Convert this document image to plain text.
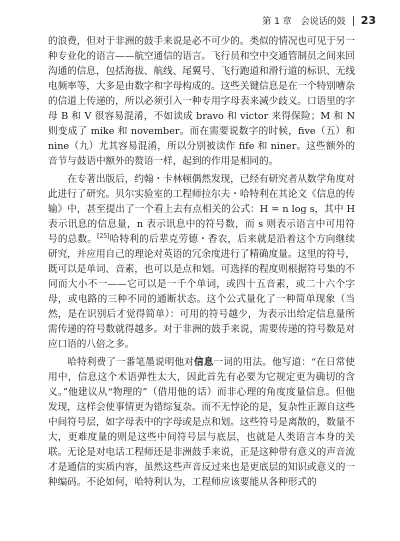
第 1 章　会说话的鼓 23

的浪费，但对于非洲的鼓手来说是必不可少的。类似的情况也可见于另一种专业化的语言——航空通信的语言。飞行员和空中交通管制员之间来回沟通的信息，包括海拔、航线、尾翼号、飞行跑道和滑行道的标识、无线电频率等，大多是由数字和字母构成的。这些关键信息是在一个特别嘈杂的信道上传递的，所以必须引入一种专用字母表来减少歧义。口语里的字母 B 和 V 很容易混淆，不如读成 bravo 和 victor 来得保险；M 和 N 则变成了 mike 和 november。而在需要说数字的时候，five（五）和 nine（九）尤其容易混淆，所以分别被读作 fife 和 niner。这些额外的音节与鼓语中额外的赘语一样，起到的作用是相同的。

在专著出版后，约翰・卡林顿偶然发现，已经有研究者从数学角度对此进行了研究。贝尔实验室的工程师拉尔夫・哈特利在其论文《信息的传输》中，甚至提出了一个看上去有点相关的公式：H = n log s，其中 H 表示讯息的信息量，n 表示讯息中的符号数，而 s 则表示语言中可用符号的总数。[25]哈特利的后辈克劳德・香农，后来就是沿着这个方向继续研究，并应用自己的理论对英语的冗余度进行了精确度量。这里的符号，既可以是单词、音素，也可以是点和划。可选择的程度则根据符号集的不同而大小不一——它可以是一千个单词，或四十五音素，或二十六个字母，或电路的三种不同的通断状态。这个公式量化了一种简单现象（当然，是在识别后才觉得简单）：可用的符号越少，为表示出给定信息量所需传递的符号数就得越多。对于非洲的鼓手来说，需要传递的符号数是对应口语的八倍之多。

哈特利费了一番笔墨说明他对信息一词的用法。他写道：“在日常使用中，信息这个术语弹性太大，因此首先有必要为它规定更为确切的含义。”他建议从“物理的”（借用他的话）而非心理的角度度量信息。但他发现，这样会使事情更为错综复杂。而不无悖论的是，复杂性正源自这些中间符号层，如字母表中的字母或是点和划。这些符号是离散的，数量不大，更难度量的则是这些中间符号层与底层，也就是人类语言本身的关联。无论是对电话工程师还是非洲鼓手来说，正是这种带有意义的声音流才是通信的实质内容，虽然这些声音反过来也是更底层的知识或意义的一种编码。不论如何，哈特利认为，工程师应该要能从各种形式的
